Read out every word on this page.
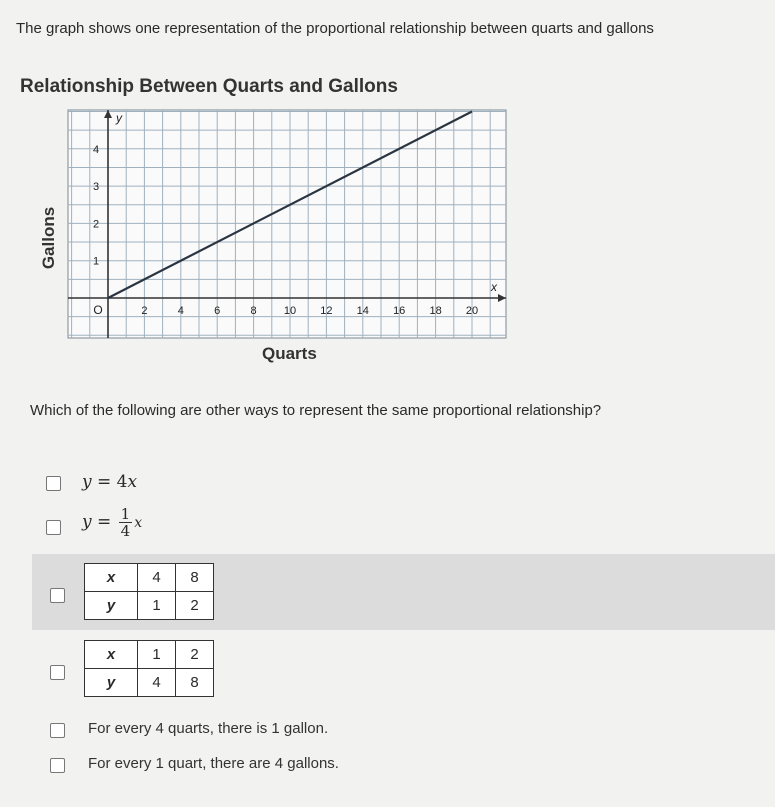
The graph shows one representation of the proportional relationship between quarts and gallons
Relationship Between Quarts and Gallons
2	4	6	8 10 12 14 16 18 20
1
2
3
4
O
x
y
Gallons
Quarts
Which of the following are other ways to represent the same proportional relationship?
y = 4x
$y = \frac{1}{4}$ x
x	4	8
y	1	2
x	1	2
y	4	8
For every 4 quarts, there is 1 gallon.
For every 1 quart, there are 4 gallons.
